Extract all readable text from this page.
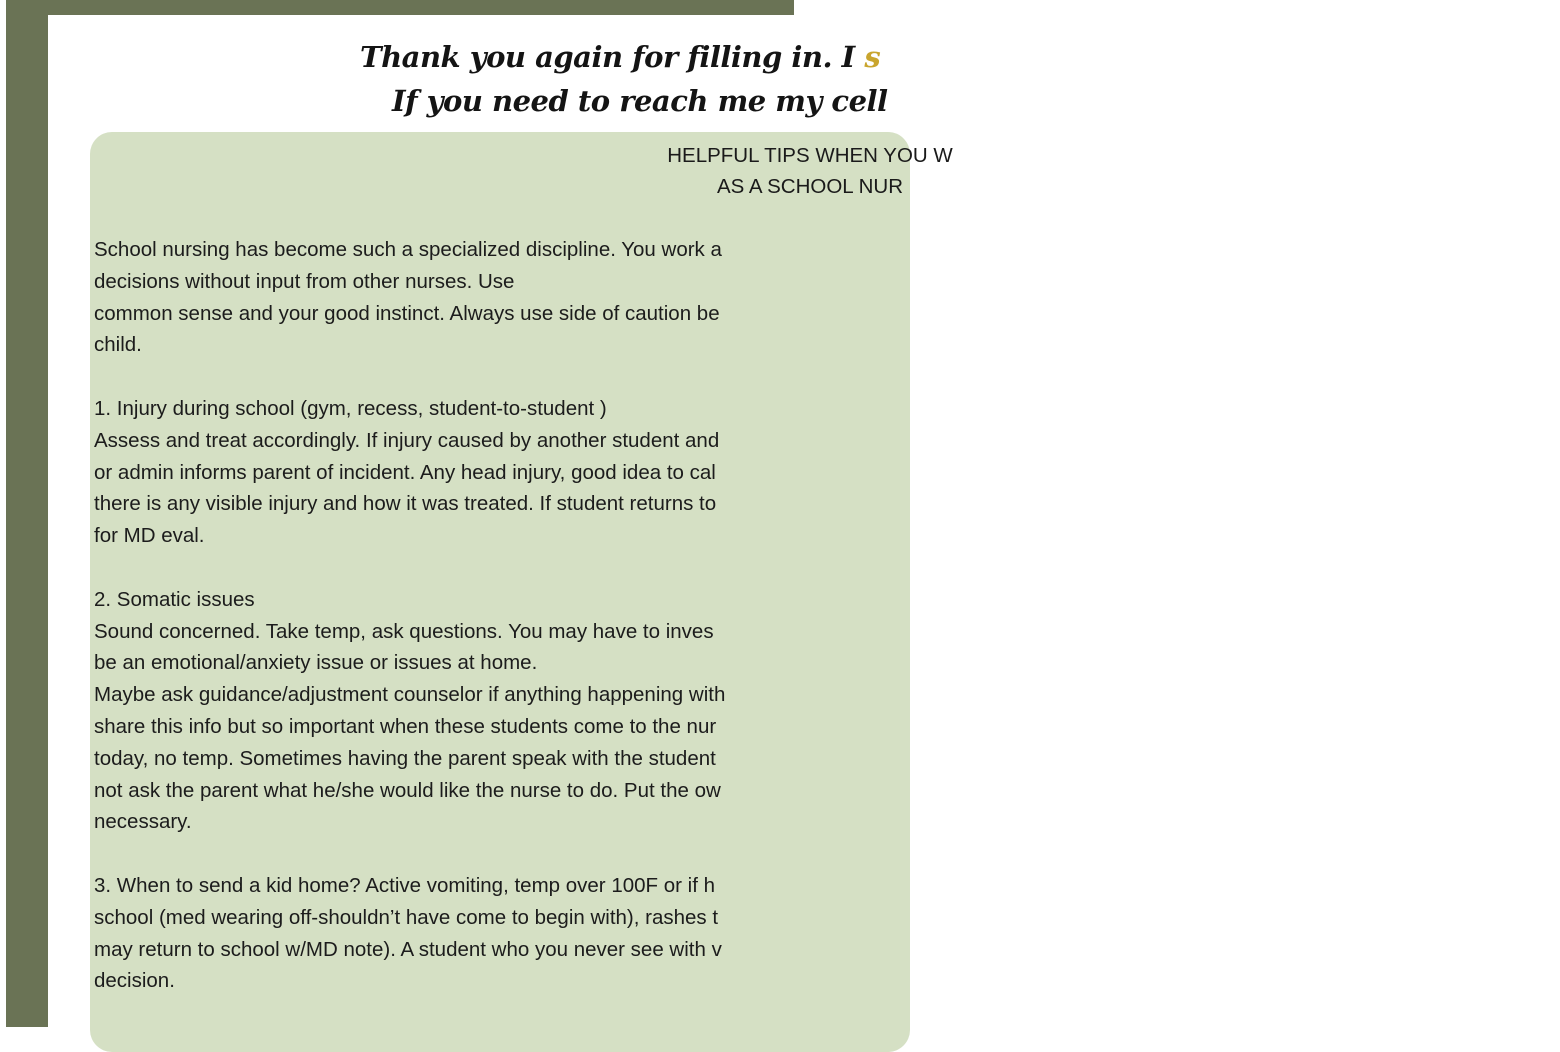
Thank you again for filling in. I s
If you need to reach me my cell
HELPFUL TIPS WHEN YOU W
AS A SCHOOL NUR
School nursing has become such a specialized discipline. You work a
decisions without input from other nurses. Use
common sense and your good instinct. Always use side of caution be
child.
1. Injury during school (gym, recess, student-to-student )
Assess and treat accordingly. If injury caused by another student and
or admin informs parent of incident. Any head injury, good idea to cal
there is any visible injury and how it was treated. If student returns to
for MD eval.
2. Somatic issues
Sound concerned. Take temp, ask questions. You may have to inves
be an emotional/anxiety issue or issues at home.
Maybe ask guidance/adjustment counselor if anything happening with
share this info but so important when these students come to the nur
today, no temp. Sometimes having the parent speak with the student
not ask the parent what he/she would like the nurse to do. Put the ow
necessary.
3. When to send a kid home? Active vomiting, temp over 100F or if h
school (med wearing off-shouldn’t have come to begin with), rashes t
may return to school w/MD note). A student who you never see with v
decision.
